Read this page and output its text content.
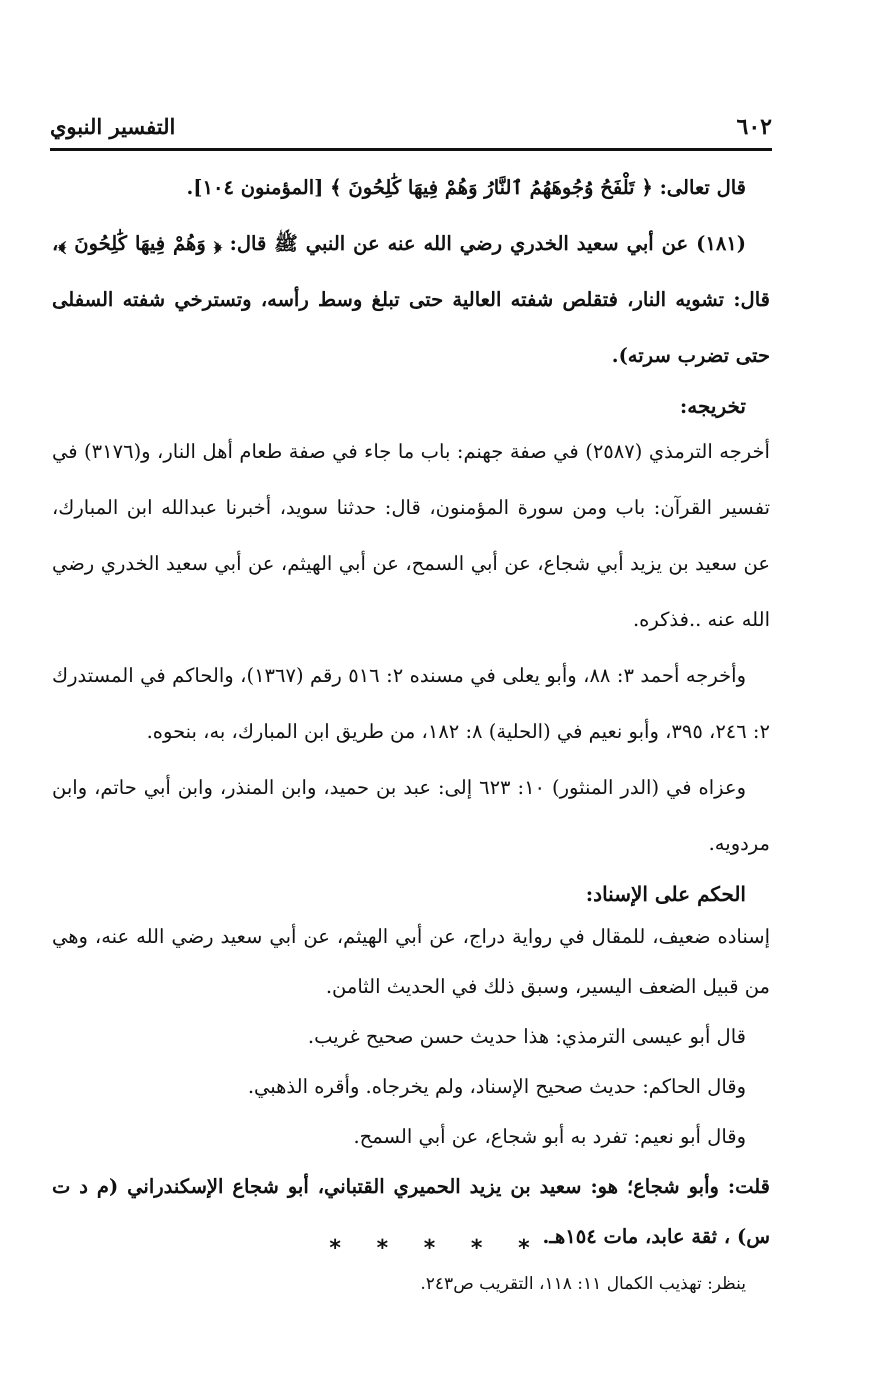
التفسير النبوي	٦٠٢

قال تعالى: ﴿ تَلْفَحُ وُجُوهَهُمُ ٱلنَّارُ وَهُمْ فِيهَا كَٰلِحُونَ ﴾ [المؤمنون ١٠٤].

(١٨١) عن أبي سعيد الخدري رضي الله عنه عن النبي ﷺ قال: ﴿ وَهُمْ فِيهَا كَٰلِحُونَ ﴾، قال: تشويه النار، فتقلص شفته العالية حتى تبلغ وسط رأسه، وتسترخي شفته السفلى حتى تضرب سرته).

تخريجه:

أخرجه الترمذي (٢٥٨٧) في صفة جهنم: باب ما جاء في صفة طعام أهل النار، و(٣١٧٦) في تفسير القرآن: باب ومن سورة المؤمنون، قال: حدثنا سويد، أخبرنا عبدالله ابن المبارك، عن سعيد بن يزيد أبي شجاع، عن أبي السمح، عن أبي الهيثم، عن أبي سعيد الخدري رضي الله عنه ..فذكره.

وأخرجه أحمد ٣: ٨٨، وأبو يعلى في مسنده ٢: ٥١٦ رقم (١٣٦٧)، والحاكم في المستدرك ٢: ٢٤٦، ٣٩٥، وأبو نعيم في (الحلية) ٨: ١٨٢، من طريق ابن المبارك، به، بنحوه.

وعزاه في (الدر المنثور) ١٠: ٦٢٣ إلى: عبد بن حميد، وابن المنذر، وابن أبي حاتم، وابن مردويه.

الحكم على الإسناد:

إسناده ضعيف، للمقال في رواية دراج، عن أبي الهيثم، عن أبي سعيد رضي الله عنه، وهي من قبيل الضعف اليسير، وسبق ذلك في الحديث الثامن.

قال أبو عيسى الترمذي: هذا حديث حسن صحيح غريب.

وقال الحاكم: حديث صحيح الإسناد، ولم يخرجاه. وأقره الذهبي.

وقال أبو نعيم: تفرد به أبو شجاع، عن أبي السمح.

قلت: وأبو شجاع؛ هو: سعيد بن يزيد الحميري القتباني، أبو شجاع الإسكندراني (م د ت س) ، ثقة عابد، مات ١٥٤هـ.

ينظر: تهذيب الكمال ١١: ١١٨، التقريب ص٢٤٣.

* * * * *
